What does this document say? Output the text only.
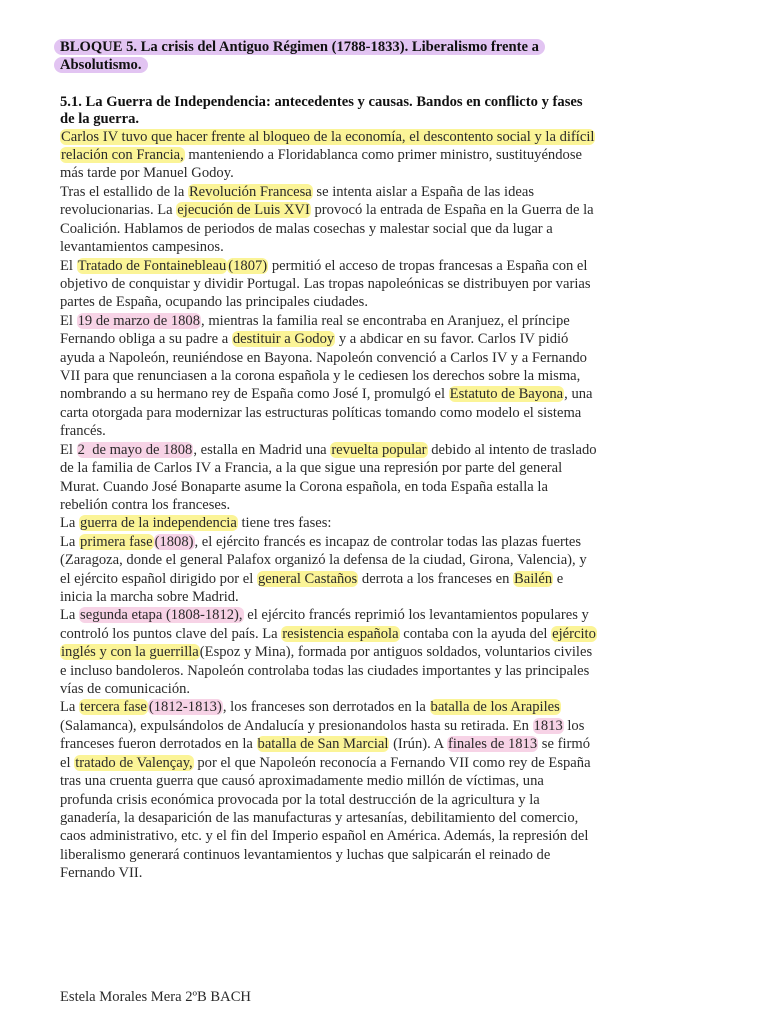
BLOQUE 5. La crisis del Antiguo Régimen (1788-1833). Liberalismo frente a

Absolutismo.

5.1. La Guerra de Independencia: antecedentes y causas. Bandos en conflicto y fases

de la guerra.

Carlos IV tuvo que hacer frente al bloqueo de la economía, el descontento social y la difícil

relación con Francia, manteniendo a Floridablanca como primer ministro, sustituyéndose

más tarde por Manuel Godoy.

Tras el estallido de la Revolución Francesa se intenta aislar a España de las ideas

revolucionarias. La ejecución de Luis XVI provocó la entrada de España en la Guerra de la

Coalición. Hablamos de periodos de malas cosechas y malestar social que da lugar a

levantamientos campesinos.

El Tratado de Fontainebleau (1807) permitió el acceso de tropas francesas a España con el

objetivo de conquistar y dividir Portugal. Las tropas napoleónicas se distribuyen por varias

partes de España, ocupando las principales ciudades.

El 19 de marzo de 1808, mientras la familia real se encontraba en Aranjuez, el príncipe

Fernando obliga a su padre a destituir a Godoy y a abdicar en su favor. Carlos IV pidió

ayuda a Napoleón, reuniéndose en Bayona. Napoleón convenció a Carlos IV y a Fernando

VII para que renunciasen a la corona española y le cediesen los derechos sobre la misma,

nombrando a su hermano rey de España como José I, promulgó el Estatuto de Bayona, una

carta otorgada para modernizar las estructuras políticas tomando como modelo el sistema

francés.

El 2  de mayo de 1808, estalla en Madrid una revuelta popular debido al intento de traslado

de la familia de Carlos IV a Francia, a la que sigue una represión por parte del general

Murat. Cuando José Bonaparte asume la Corona española, en toda España estalla la

rebelión contra los franceses.

La guerra de la independencia tiene tres fases:

La primera fase (1808), el ejército francés es incapaz de controlar todas las plazas fuertes

(Zaragoza, donde el general Palafox organizó la defensa de la ciudad, Girona, Valencia), y

el ejército español dirigido por el general Castaños derrota a los franceses en Bailén e

inicia la marcha sobre Madrid.

La segunda etapa (1808-1812), el ejército francés reprimió los levantamientos populares y

controló los puntos clave del país. La resistencia española contaba con la ayuda del ejército

inglés y con la guerrilla(Espoz y Mina), formada por antiguos soldados, voluntarios civiles

e incluso bandoleros. Napoleón controlaba todas las ciudades importantes y las principales

vías de comunicación.

La tercera fase (1812-1813), los franceses son derrotados en la batalla de los Arapiles

(Salamanca), expulsándolos de Andalucía y presionandolos hasta su retirada. En 1813 los

franceses fueron derrotados en la batalla de San Marcial (Irún). A finales de 1813 se firmó

el tratado de Valençay, por el que Napoleón reconocía a Fernando VII como rey de España

tras una cruenta guerra que causó aproximadamente medio millón de víctimas, una

profunda crisis económica provocada por la total destrucción de la agricultura y la

ganadería, la desaparición de las manufacturas y artesanías, debilitamiento del comercio,

caos administrativo, etc. y el fin del Imperio español en América. Además, la represión del

liberalismo generará continuos levantamientos y luchas que salpicarán el reinado de

Fernando VII.

Estela Morales Mera 2ºB BACH
